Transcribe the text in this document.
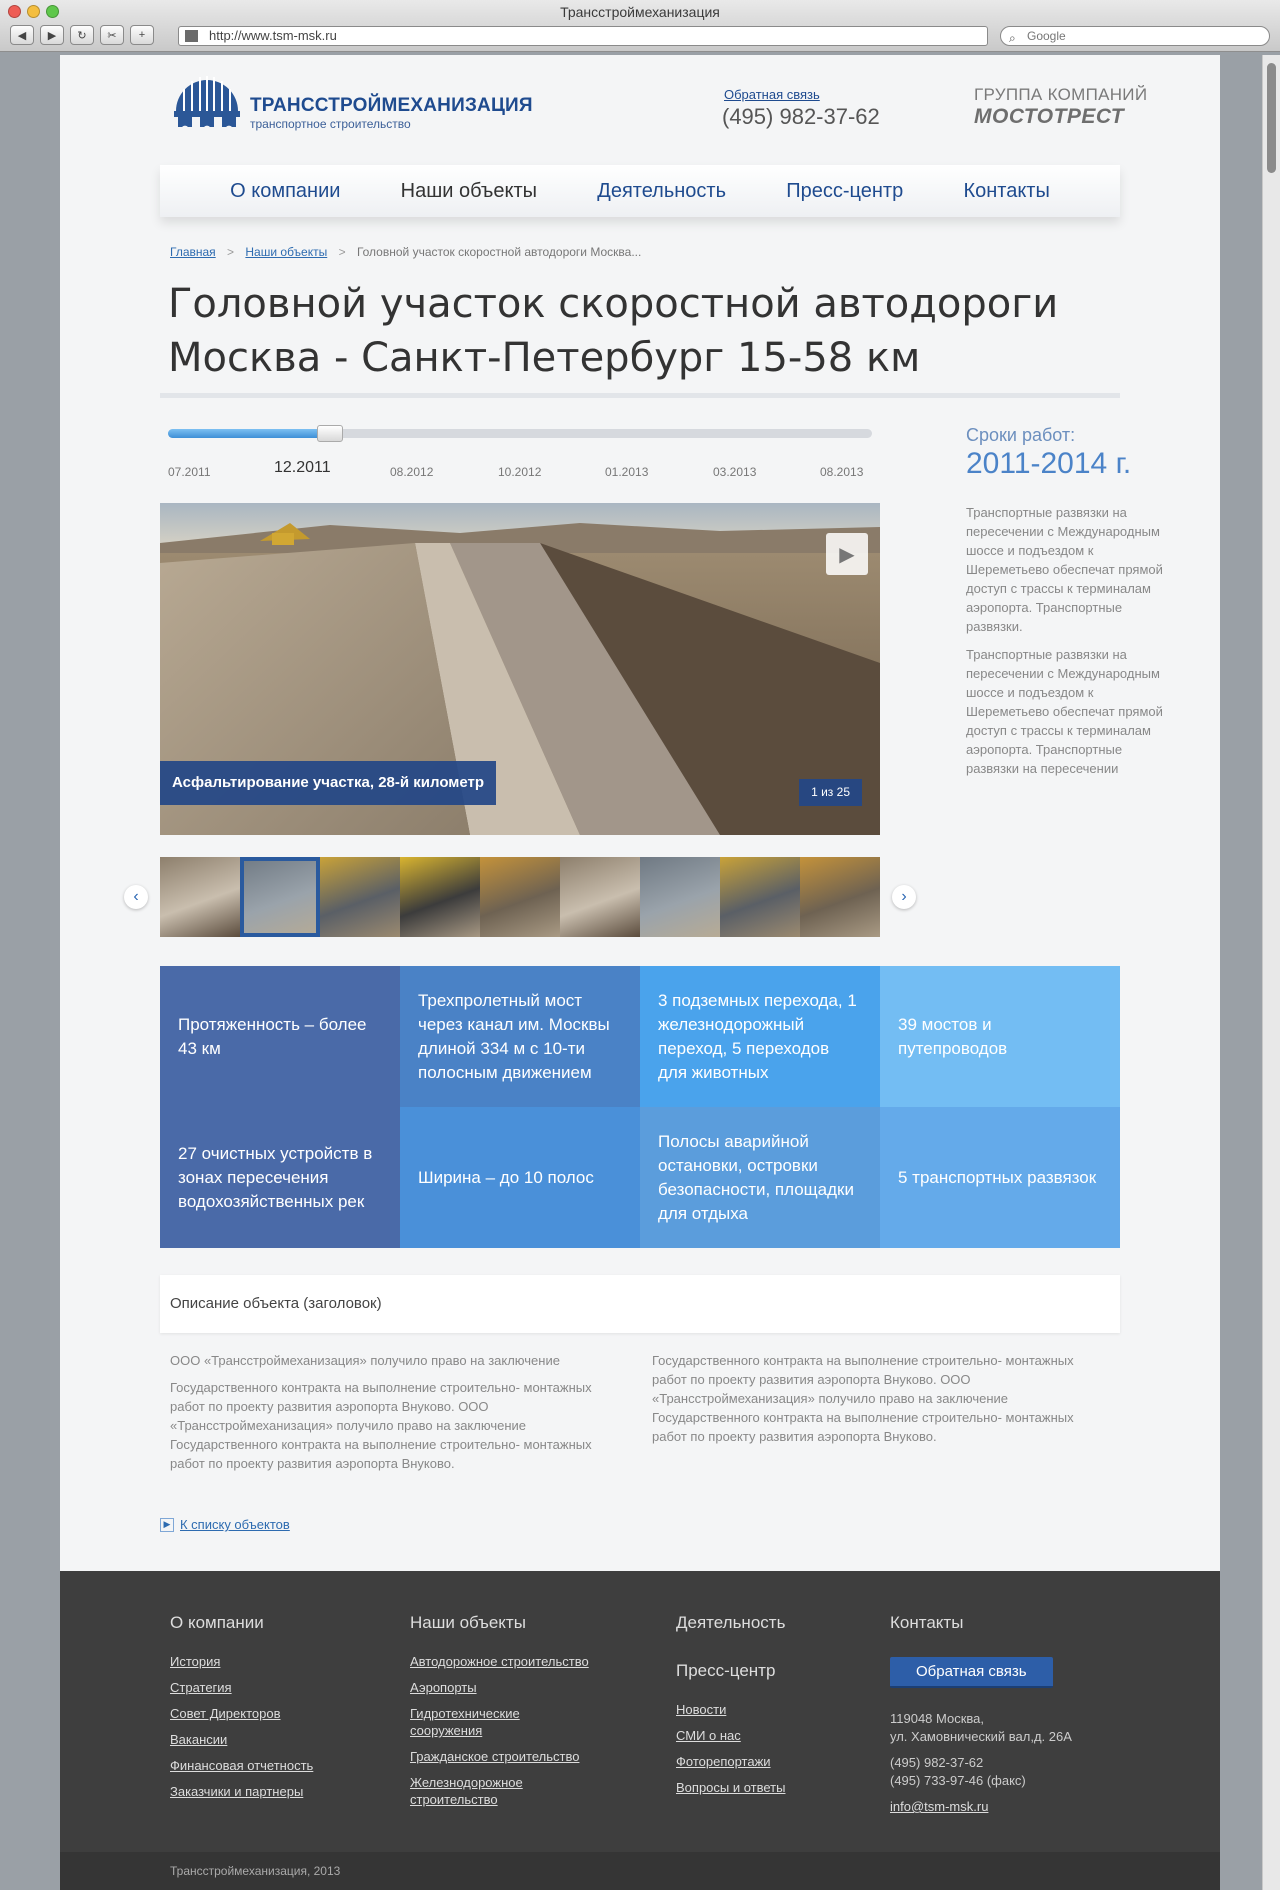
Трансстроймеханизация
◀ ▶ ↻ ✂ +	http://www.tsm-msk.ru	⌕ Google
ТРАНССТРОЙМЕХАНИЗАЦИЯ
транспортное строительство
Обратная связь
(495) 982-37-62
ГРУППА КОМПАНИЙ
МОСТОТРЕСТ
О компании	Наши объекты	Деятельность	Пресс-центр	Контакты
Главная > Наши объекты > Головной участок скоростной автодороги Москва...
Головной участок скоростной автодороги Москва - Санкт-Петербург 15-58 км
07.2011	12.2011	08.2012	10.2012	01.2013	03.2013	08.2013
Сроки работ:
2011-2014 г.

Транспортные развязки на пересечении с Международным шоссе и подъездом к Шереметьево обеспечат прямой доступ с трассы к терминалам аэропорта. Транспортные развязки.

Транспортные развязки на пересечении с Международным шоссе и подъездом к Шереметьево обеспечат прямой доступ с трассы к терминалам аэропорта. Транспортные развязки на пересечении

▶
Асфальтирование участка, 28-й километр
1 из 25
‹	›
Протяженность – более 43 км
Трехпролетный мост через канал им. Москвы длиной 334 м с 10-ти полосным движением
3 подземных перехода, 1 железнодорожный переход, 5 переходов для животных
39 мостов и путепроводов
27 очистных устройств в зонах пересечения водохозяйственных рек
Ширина – до 10 полос
Полосы аварийной остановки, островки безопасности, площадки для отдыха
5 транспортных развязок
Описание объекта (заголовок)

ООО «Трансстроймеханизация» получило право на заключение

Государственного контракта на выполнение строительно- монтажных работ по проекту развития аэропорта Внуково. ООО «Трансстроймеханизация» получило право на заключение Государственного контракта на выполнение строительно- монтажных работ по проекту развития аэропорта Внуково.

Государственного контракта на выполнение строительно- монтажных работ по проекту развития аэропорта Внуково. ООО «Трансстроймеханизация» получило право на заключение Государственного контракта на выполнение строительно- монтажных работ по проекту развития аэропорта Внуково.

▶ К списку объектов
О компании
История
Стратегия
Совет Директоров
Вакансии
Финансовая отчетность
Заказчики и партнеры
Наши объекты
Автодорожное строительство
Аэропорты
Гидротехнические сооружения
Гражданское строительство
Железнодорожное строительство
Деятельность
Пресс-центр
Новости
СМИ о нас
Фоторепортажи
Вопросы и ответы
Контакты
Обратная связь
119048 Москва,
ул. Хамовнический вал,д. 26А
(495) 982-37-62
(495) 733-97-46 (факс)
info@tsm-msk.ru
Трансстроймеханизация, 2013
